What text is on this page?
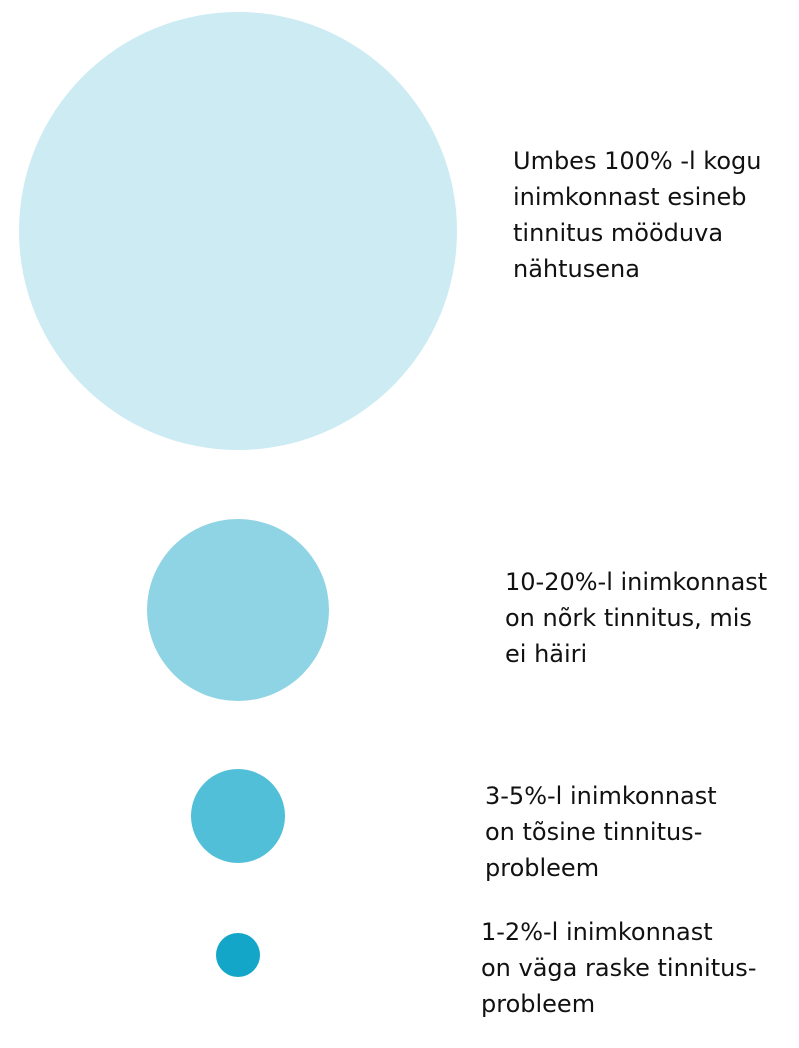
Umbes 100% -l kogu
inimkonnast esineb
tinnitus mööduva
nähtusena
10-20%-l inimkonnast
on nõrk tinnitus, mis
ei häiri
3-5%-l inimkonnast
on tõsine tinnitus-
probleem
1-2%-l inimkonnast
on väga raske tinnitus-
probleem
